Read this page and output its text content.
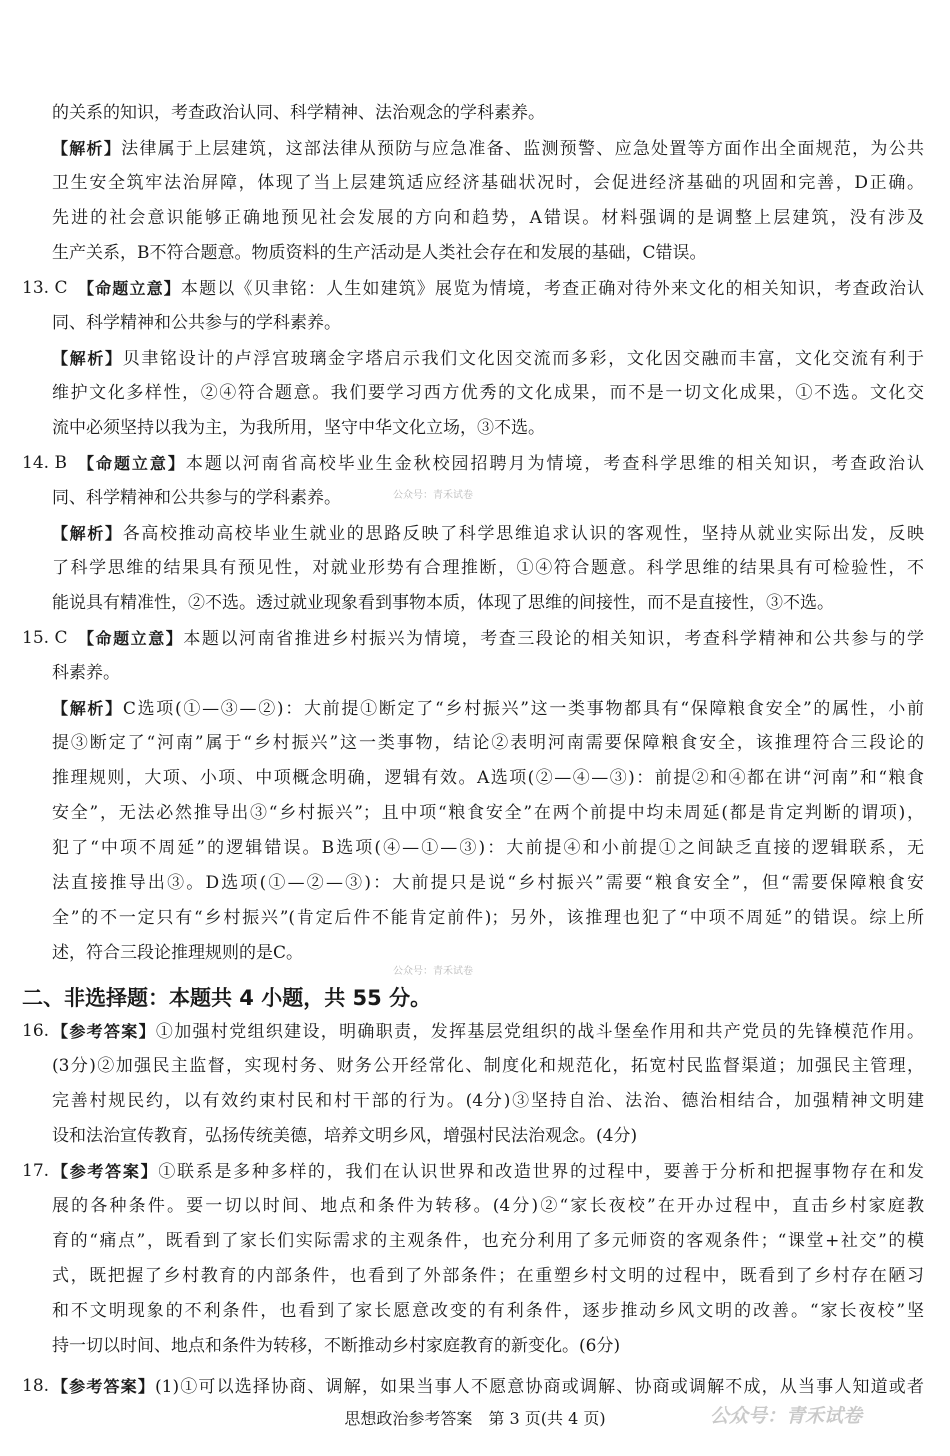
的关系的知识，考查政治认同、科学精神、法治观念的学科素养。
【解析】法律属于上层建筑，这部法律从预防与应急准备、监测预警、应急处置等方面作出全面规范，为公共
卫生安全筑牢法治屏障，体现了当上层建筑适应经济基础状况时，会促进经济基础的巩固和完善，D正确。
先进的社会意识能够正确地预见社会发展的方向和趋势，A错误。材料强调的是调整上层建筑，没有涉及
生产关系，B不符合题意。物质资料的生产活动是人类社会存在和发展的基础，C错误。
13. C 【命题立意】本题以《贝聿铭：人生如建筑》展览为情境，考查正确对待外来文化的相关知识，考查政治认
同、科学精神和公共参与的学科素养。
【解析】贝聿铭设计的卢浮宫玻璃金字塔启示我们文化因交流而多彩，文化因交融而丰富，文化交流有利于
维护文化多样性，②④符合题意。我们要学习西方优秀的文化成果，而不是一切文化成果，①不选。文化交
流中必须坚持以我为主，为我所用，坚守中华文化立场，③不选。
14. B 【命题立意】本题以河南省高校毕业生金秋校园招聘月为情境，考查科学思维的相关知识，考查政治认
同、科学精神和公共参与的学科素养。
【解析】各高校推动高校毕业生就业的思路反映了科学思维追求认识的客观性，坚持从就业实际出发，反映
了科学思维的结果具有预见性，对就业形势有合理推断，①④符合题意。科学思维的结果具有可检验性，不
能说具有精准性，②不选。透过就业现象看到事物本质，体现了思维的间接性，而不是直接性，③不选。
15. C 【命题立意】本题以河南省推进乡村振兴为情境，考查三段论的相关知识，考查科学精神和公共参与的学
科素养。
【解析】C选项(①—③—②)：大前提①断定了“乡村振兴”这一类事物都具有“保障粮食安全”的属性，小前
提③断定了“河南”属于“乡村振兴”这一类事物，结论②表明河南需要保障粮食安全，该推理符合三段论的
推理规则，大项、小项、中项概念明确，逻辑有效。A选项(②—④—③)：前提②和④都在讲“河南”和“粮食
安全”，无法必然推导出③“乡村振兴”；且中项“粮食安全”在两个前提中均未周延(都是肯定判断的谓项)，
犯了“中项不周延”的逻辑错误。B选项(④—①—③)：大前提④和小前提①之间缺乏直接的逻辑联系，无
法直接推导出③。D选项(①—②—③)：大前提只是说“乡村振兴”需要“粮食安全”，但“需要保障粮食安
全”的不一定只有“乡村振兴”(肯定后件不能肯定前件)；另外，该推理也犯了“中项不周延”的错误。综上所
述，符合三段论推理规则的是C。
16. 【参考答案】①加强村党组织建设，明确职责，发挥基层党组织的战斗堡垒作用和共产党员的先锋模范作用。
(3分)②加强民主监督，实现村务、财务公开经常化、制度化和规范化，拓宽村民监督渠道；加强民主管理，
完善村规民约，以有效约束村民和村干部的行为。(4分)③坚持自治、法治、德治相结合，加强精神文明建
设和法治宣传教育，弘扬传统美德，培养文明乡风，增强村民法治观念。(4分)
17. 【参考答案】①联系是多种多样的，我们在认识世界和改造世界的过程中，要善于分析和把握事物存在和发
展的各种条件。要一切以时间、地点和条件为转移。(4分)②“家长夜校”在开办过程中，直击乡村家庭教
育的“痛点”，既看到了家长们实际需求的主观条件，也充分利用了多元师资的客观条件；“课堂+社交”的模
式，既把握了乡村教育的内部条件，也看到了外部条件；在重塑乡村文明的过程中，既看到了乡村存在陋习
和不文明现象的不利条件，也看到了家长愿意改变的有利条件，逐步推动乡风文明的改善。“家长夜校”坚
持一切以时间、地点和条件为转移，不断推动乡村家庭教育的新变化。(6分)
18. 【参考答案】(1)①可以选择协商、调解，如果当事人不愿意协商或调解、协商或调解不成，从当事人知道或者
二、非选择题：本题共 4 小题，共 55 分。
公众号：青禾试卷
公众号：青禾试卷
思想政治参考答案　第 3 页(共 4 页)	公众号：青禾试卷
